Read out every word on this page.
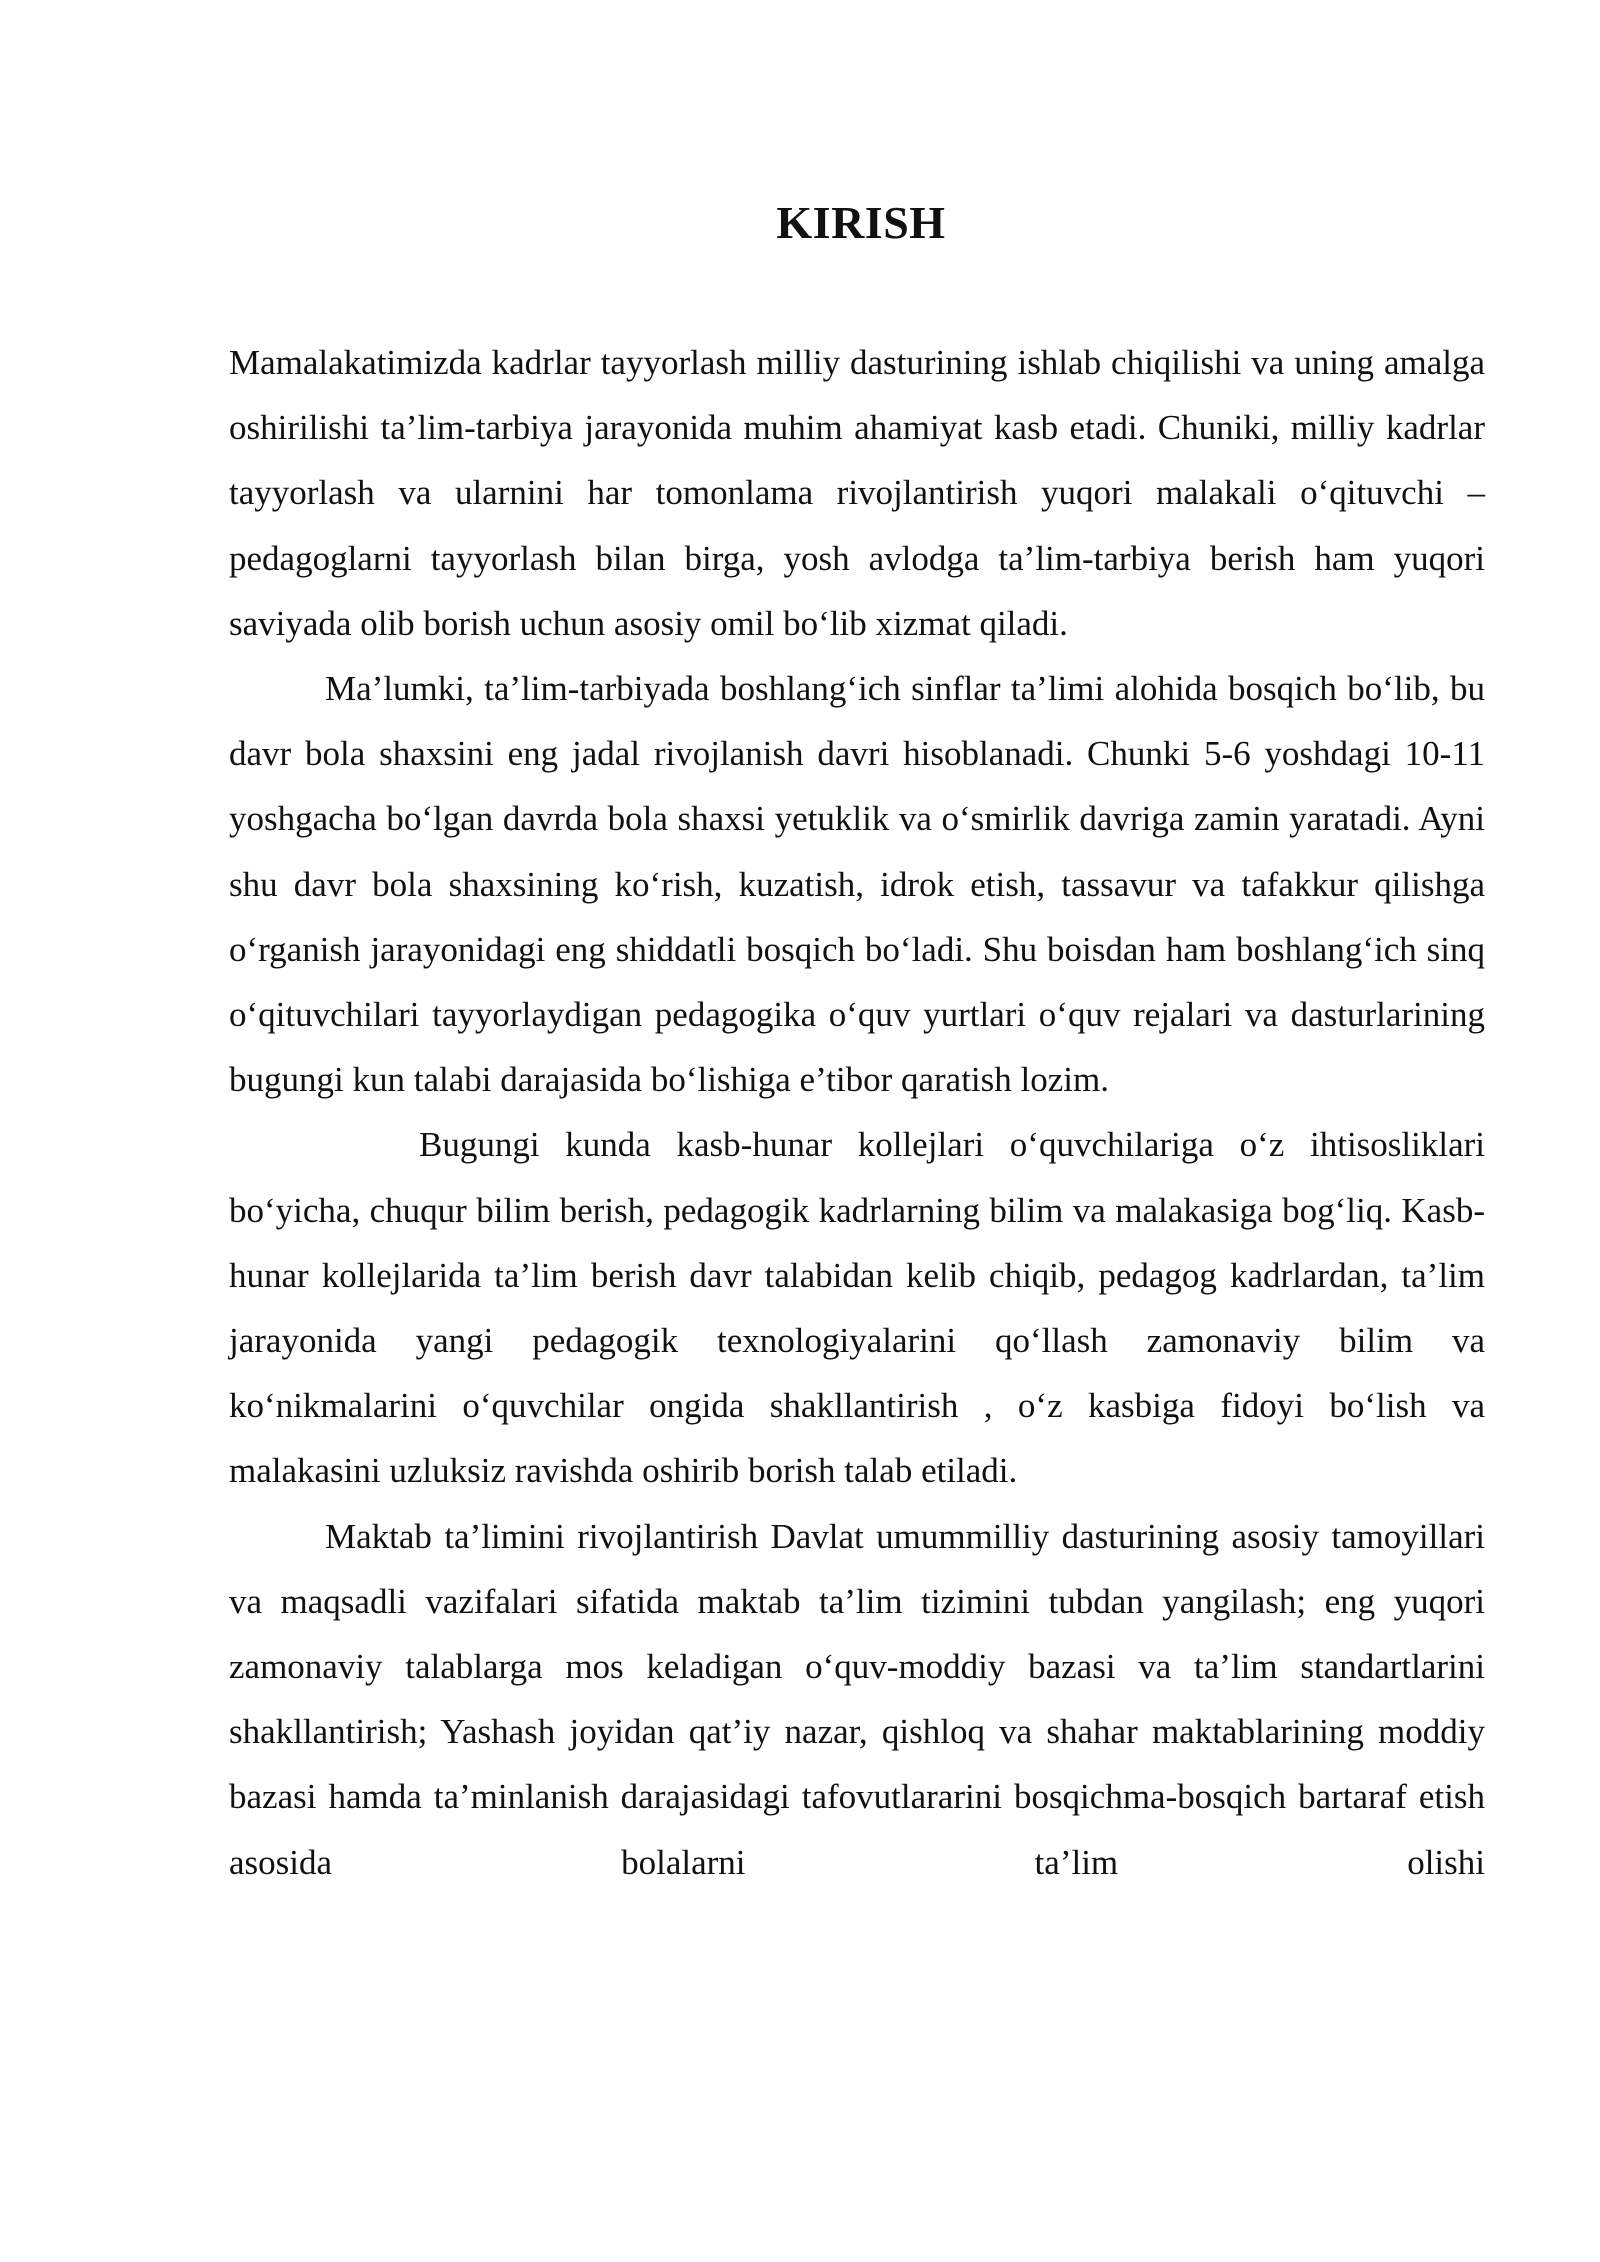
KIRISH

Mamalakatimizda kadrlar tayyorlash milliy dasturining ishlab chiqilishi va uning amalga oshirilishi ta’lim-tarbiya jarayonida muhim ahamiyat kasb etadi. Chuniki, milliy kadrlar tayyorlash va ularnini har tomonlama rivojlantirish yuqori malakali o‘qituvchi –pedagoglarni tayyorlash bilan birga, yosh avlodga ta’lim-tarbiya berish ham yuqori saviyada olib borish uchun asosiy omil bo‘lib xizmat qiladi.

Ma’lumki, ta’lim-tarbiyada boshlang‘ich sinflar ta’limi alohida bosqich bo‘lib, bu davr bola shaxsini eng jadal rivojlanish davri hisoblanadi. Chunki 5-6 yoshdagi 10-11 yoshgacha bo‘lgan davrda bola shaxsi yetuklik va o‘smirlik davriga zamin yaratadi. Ayni shu davr bola shaxsining ko‘rish, kuzatish, idrok etish, tassavur va tafakkur qilishga o‘rganish jarayonidagi eng shiddatli bosqich bo‘ladi. Shu boisdan ham boshlang‘ich sinq o‘qituvchilari tayyorlaydigan pedagogika o‘quv yurtlari o‘quv rejalari va dasturlarining bugungi kun talabi darajasida bo‘lishiga e’tibor qaratish lozim.

Bugungi kunda kasb-hunar kollejlari o‘quvchilariga o‘z ihtisosliklari bo‘yicha, chuqur bilim berish, pedagogik kadrlarning bilim va malakasiga bog‘liq. Kasb-hunar kollejlarida ta’lim berish davr talabidan kelib chiqib, pedagog kadrlardan, ta’lim jarayonida yangi pedagogik texnologiyalarini qo‘llash zamonaviy bilim va ko‘nikmalarini o‘quvchilar ongida shakllantirish , o‘z kasbiga fidoyi bo‘lish va malakasini uzluksiz ravishda oshirib borish talab etiladi.

Maktab ta’limini rivojlantirish Davlat umummilliy dasturining asosiy tamoyillari va maqsadli vazifalari sifatida maktab ta’lim tizimini tubdan yangilash; eng yuqori zamonaviy talablarga mos keladigan o‘quv-moddiy bazasi va ta’lim standartlarini shakllantirish; Yashash joyidan qat’iy nazar, qishloq va shahar maktablarining moddiy bazasi hamda ta’minlanish darajasidagi tafovutlararini bosqichma-bosqich bartaraf etish asosida bolalarni ta’lim olishi
